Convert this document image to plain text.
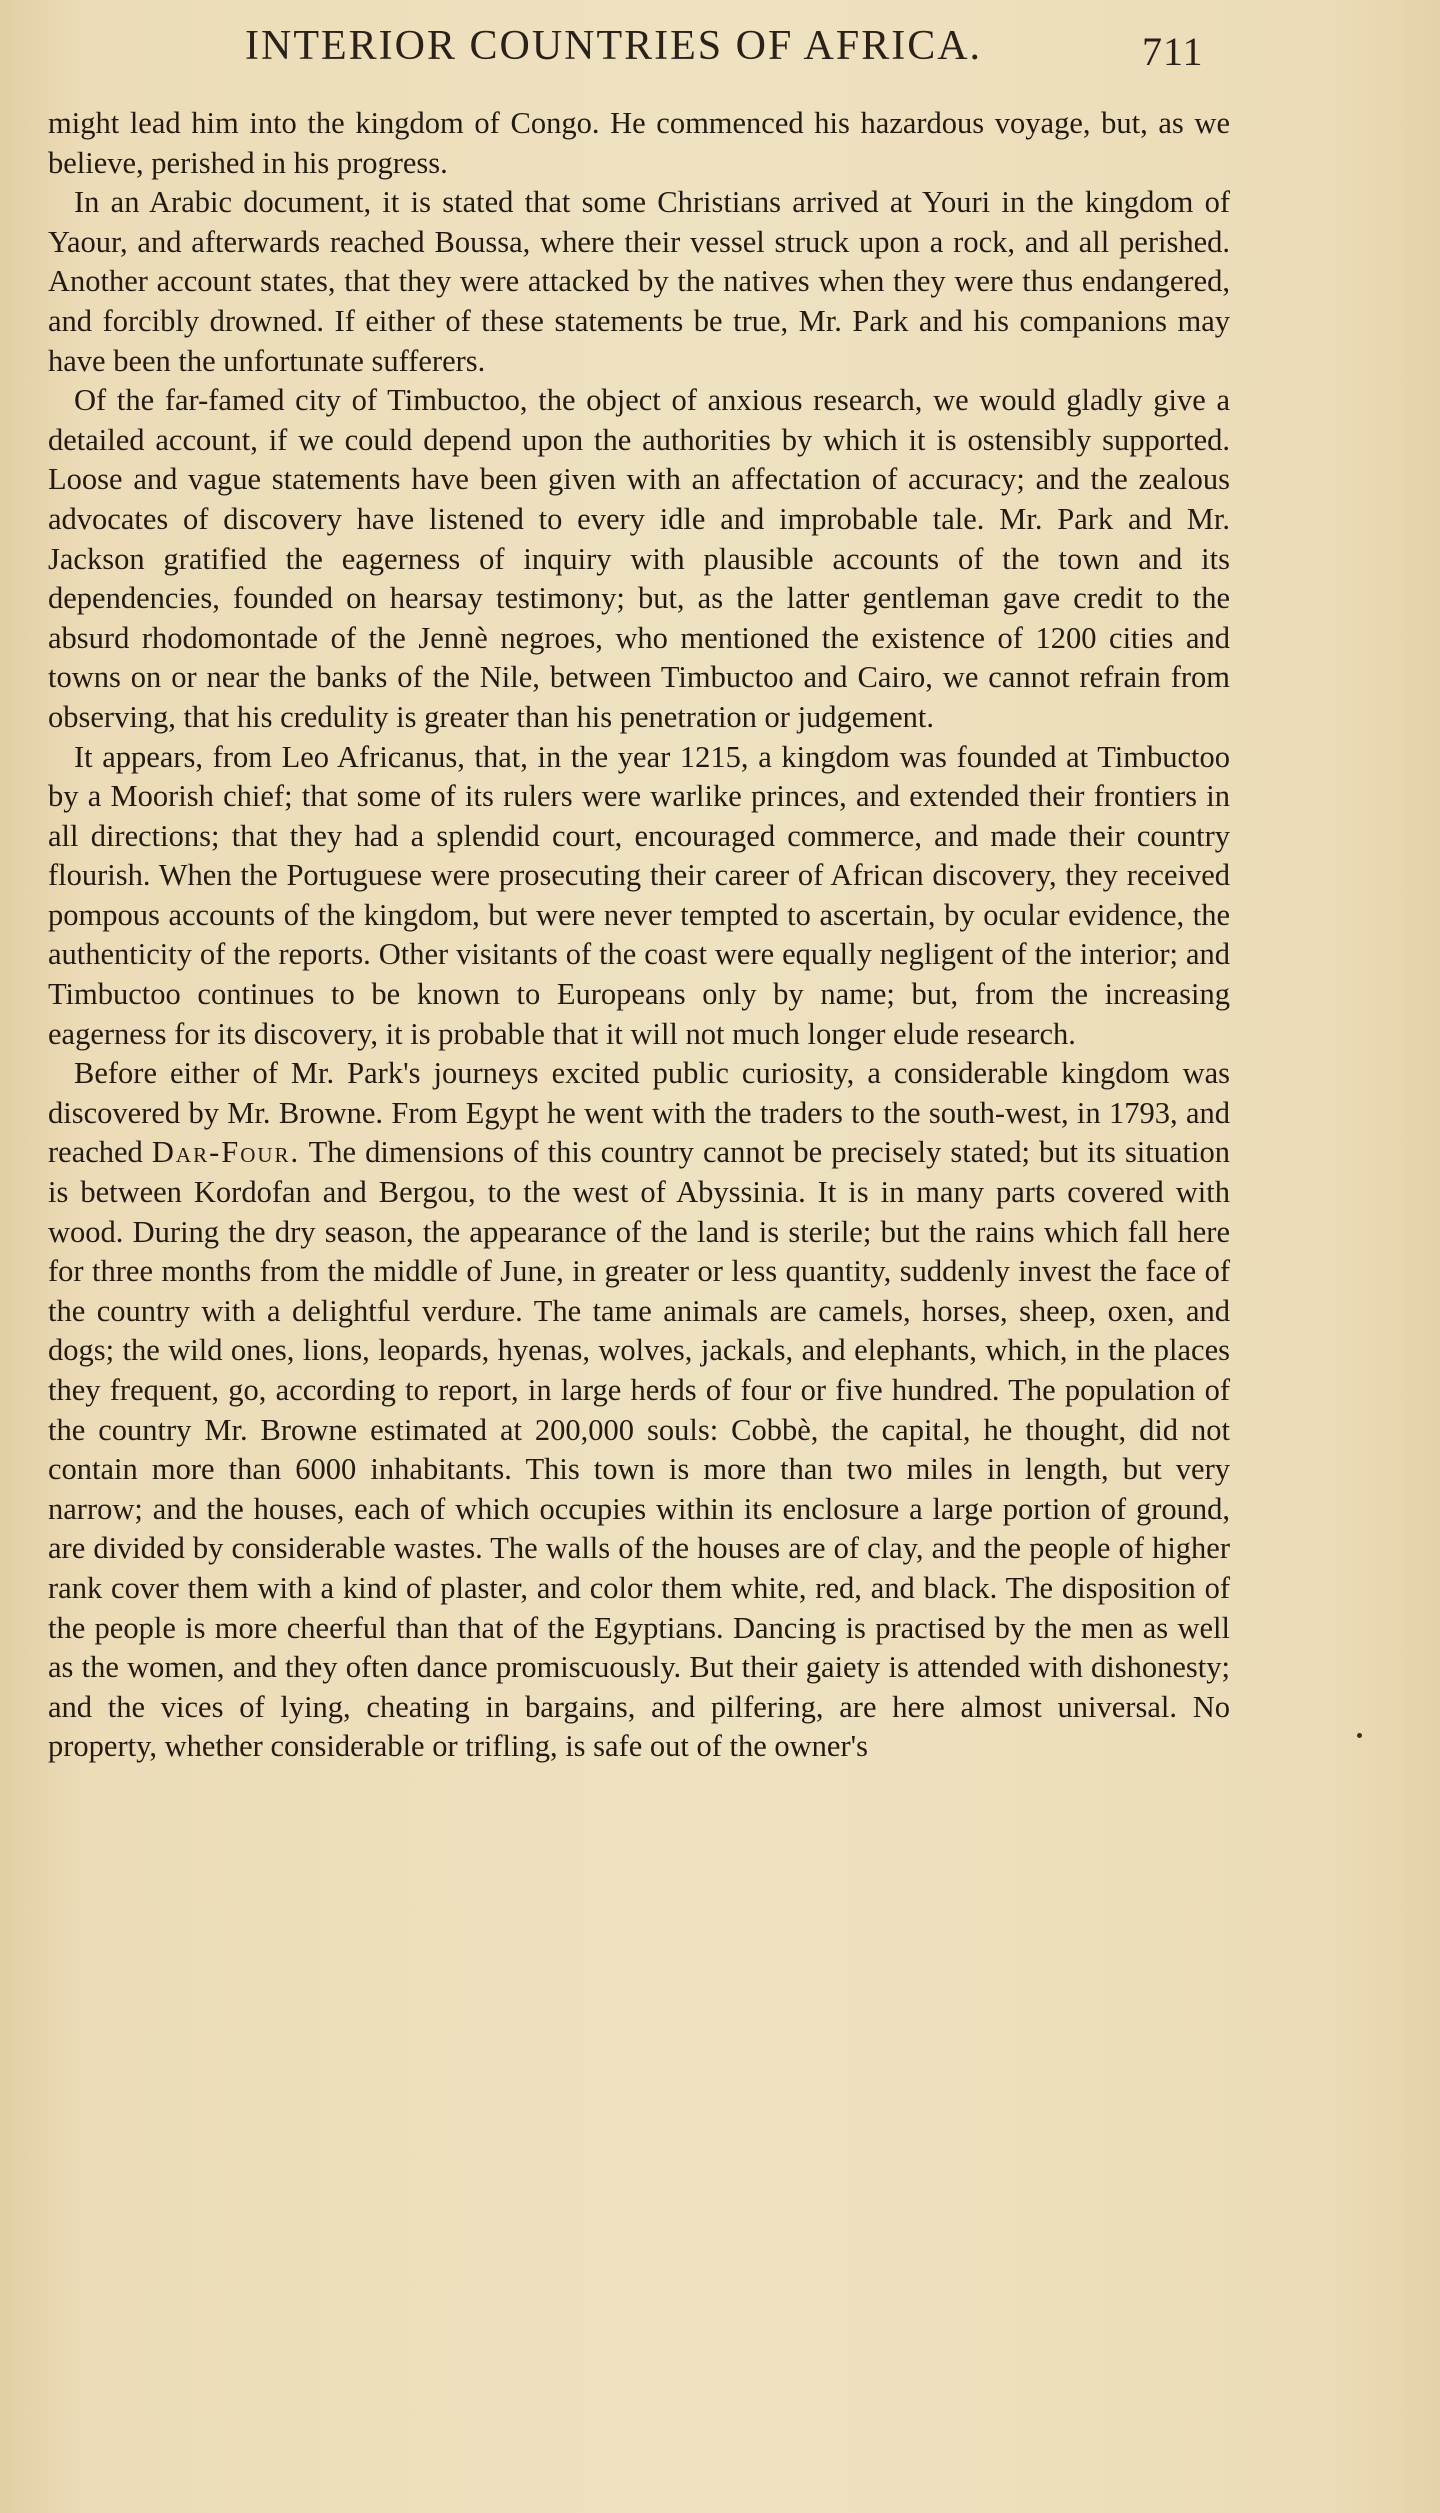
INTERIOR COUNTRIES OF AFRICA.	711

might lead him into the kingdom of Congo. He commenced his hazardous voyage, but, as we believe, perished in his progress.

In an Arabic document, it is stated that some Christians arrived at Youri in the kingdom of Yaour, and afterwards reached Boussa, where their vessel struck upon a rock, and all perished. Another account states, that they were attacked by the natives when they were thus endangered, and forcibly drowned. If either of these statements be true, Mr. Park and his companions may have been the unfortunate sufferers.

Of the far-famed city of Timbuctoo, the object of anxious research, we would gladly give a detailed account, if we could depend upon the authorities by which it is ostensibly supported. Loose and vague statements have been given with an affectation of accuracy; and the zealous advocates of discovery have listened to every idle and improbable tale. Mr. Park and Mr. Jackson gratified the eagerness of inquiry with plausible accounts of the town and its dependencies, founded on hearsay testimony; but, as the latter gentleman gave credit to the absurd rhodomontade of the Jennè negroes, who mentioned the existence of 1200 cities and towns on or near the banks of the Nile, between Timbuctoo and Cairo, we cannot refrain from observing, that his credulity is greater than his penetration or judgement.

It appears, from Leo Africanus, that, in the year 1215, a kingdom was founded at Timbuctoo by a Moorish chief; that some of its rulers were warlike princes, and extended their frontiers in all directions; that they had a splendid court, encouraged commerce, and made their country flourish. When the Portuguese were prosecuting their career of African discovery, they received pompous accounts of the kingdom, but were never tempted to ascertain, by ocular evidence, the authenticity of the reports. Other visitants of the coast were equally negligent of the interior; and Timbuctoo continues to be known to Europeans only by name; but, from the increasing eagerness for its discovery, it is probable that it will not much longer elude research.

Before either of Mr. Park's journeys excited public curiosity, a considerable kingdom was discovered by Mr. Browne. From Egypt he went with the traders to the south-west, in 1793, and reached Dar-Four. The dimensions of this country cannot be precisely stated; but its situation is between Kordofan and Bergou, to the west of Abyssinia. It is in many parts covered with wood. During the dry season, the appearance of the land is sterile; but the rains which fall here for three months from the middle of June, in greater or less quantity, suddenly invest the face of the country with a delightful verdure. The tame animals are camels, horses, sheep, oxen, and dogs; the wild ones, lions, leopards, hyenas, wolves, jackals, and elephants, which, in the places they frequent, go, according to report, in large herds of four or five hundred. The population of the country Mr. Browne estimated at 200,000 souls: Cobbè, the capital, he thought, did not contain more than 6000 inhabitants. This town is more than two miles in length, but very narrow; and the houses, each of which occupies within its enclosure a large portion of ground, are divided by considerable wastes. The walls of the houses are of clay, and the people of higher rank cover them with a kind of plaster, and color them white, red, and black. The disposition of the people is more cheerful than that of the Egyptians. Dancing is practised by the men as well as the women, and they often dance promiscuously. But their gaiety is attended with dishonesty; and the vices of lying, cheating in bargains, and pilfering, are here almost universal. No property, whether considerable or trifling, is safe out of the owner's
